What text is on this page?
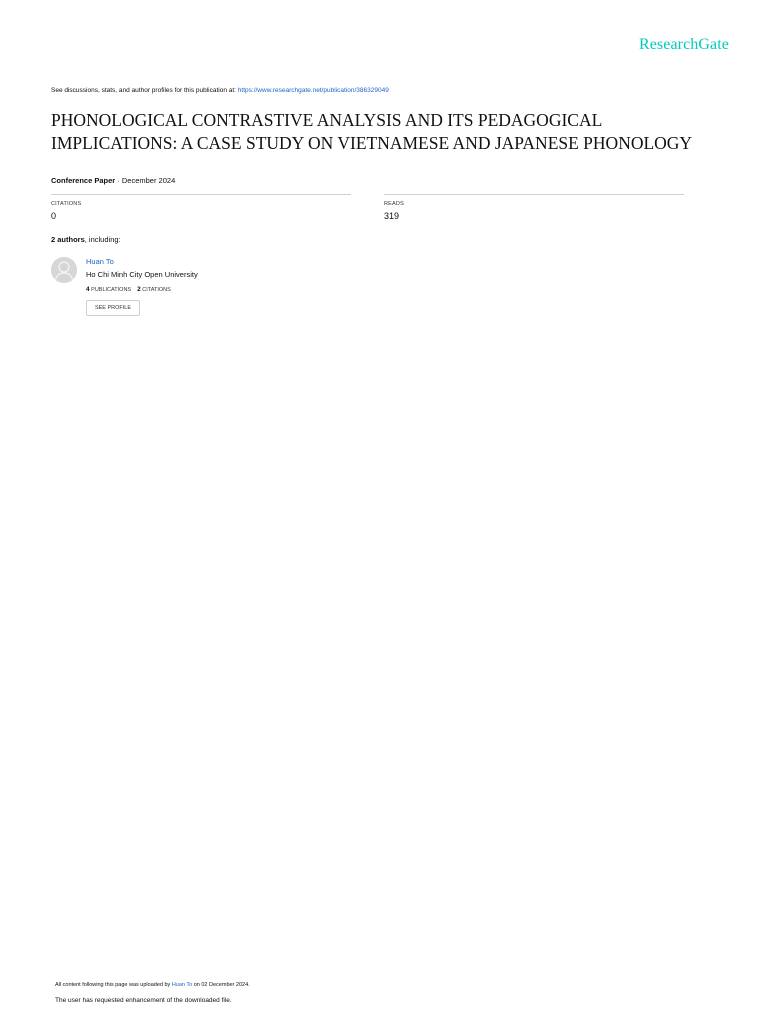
ResearchGate
See discussions, stats, and author profiles for this publication at: https://www.researchgate.net/publication/386329049
PHONOLOGICAL CONTRASTIVE ANALYSIS AND ITS PEDAGOGICAL IMPLICATIONS: A CASE STUDY ON VIETNAMESE AND JAPANESE PHONOLOGY
Conference Paper · December 2024
CITATIONS
0
READS
319
2 authors, including:
Huan To
Ho Chi Minh City Open University
4 PUBLICATIONS 2 CITATIONS
SEE PROFILE
All content following this page was uploaded by Huan To on 02 December 2024.
The user has requested enhancement of the downloaded file.
